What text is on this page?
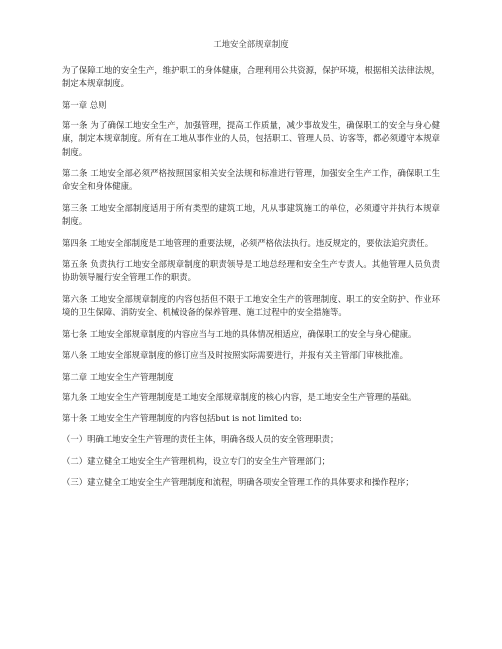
工地安全部规章制度

为了保障工地的安全生产，维护职工的身体健康，合理利用公共资源，保护环境，根据相关法律法规，制定本规章制度。

第一章 总则

第一条 为了确保工地安全生产，加强管理，提高工作质量，减少事故发生，确保职工的安全与身心健康，制定本规章制度。所有在工地从事作业的人员，包括职工、管理人员、访客等，都必须遵守本规章制度。

第二条 工地安全部必须严格按照国家相关安全法规和标准进行管理，加强安全生产工作，确保职工生命安全和身体健康。

第三条 工地安全部制度适用于所有类型的建筑工地，凡从事建筑施工的单位，必须遵守并执行本规章制度。

第四条 工地安全部制度是工地管理的重要法规，必须严格依法执行。违反规定的，要依法追究责任。

第五条 负责执行工地安全部规章制度的职责领导是工地总经理和安全生产专责人。其他管理人员负责协助领导履行安全管理工作的职责。

第六条 工地安全部规章制度的内容包括但不限于工地安全生产的管理制度、职工的安全防护、作业环境的卫生保障、消防安全、机械设备的保养管理、施工过程中的安全措施等。

第七条 工地安全部规章制度的内容应当与工地的具体情况相适应，确保职工的安全与身心健康。

第八条 工地安全部规章制度的修订应当及时按照实际需要进行，并报有关主管部门审核批准。

第二章 工地安全生产管理制度

第九条 工地安全生产管理制度是工地安全部规章制度的核心内容，是工地安全生产管理的基础。

第十条 工地安全生产管理制度的内容包括but is not limited to:

（一）明确工地安全生产管理的责任主体，明确各级人员的安全管理职责；

（二）建立健全工地安全生产管理机构，设立专门的安全生产管理部门；

（三）建立健全工地安全生产管理制度和流程，明确各项安全管理工作的具体要求和操作程序；
